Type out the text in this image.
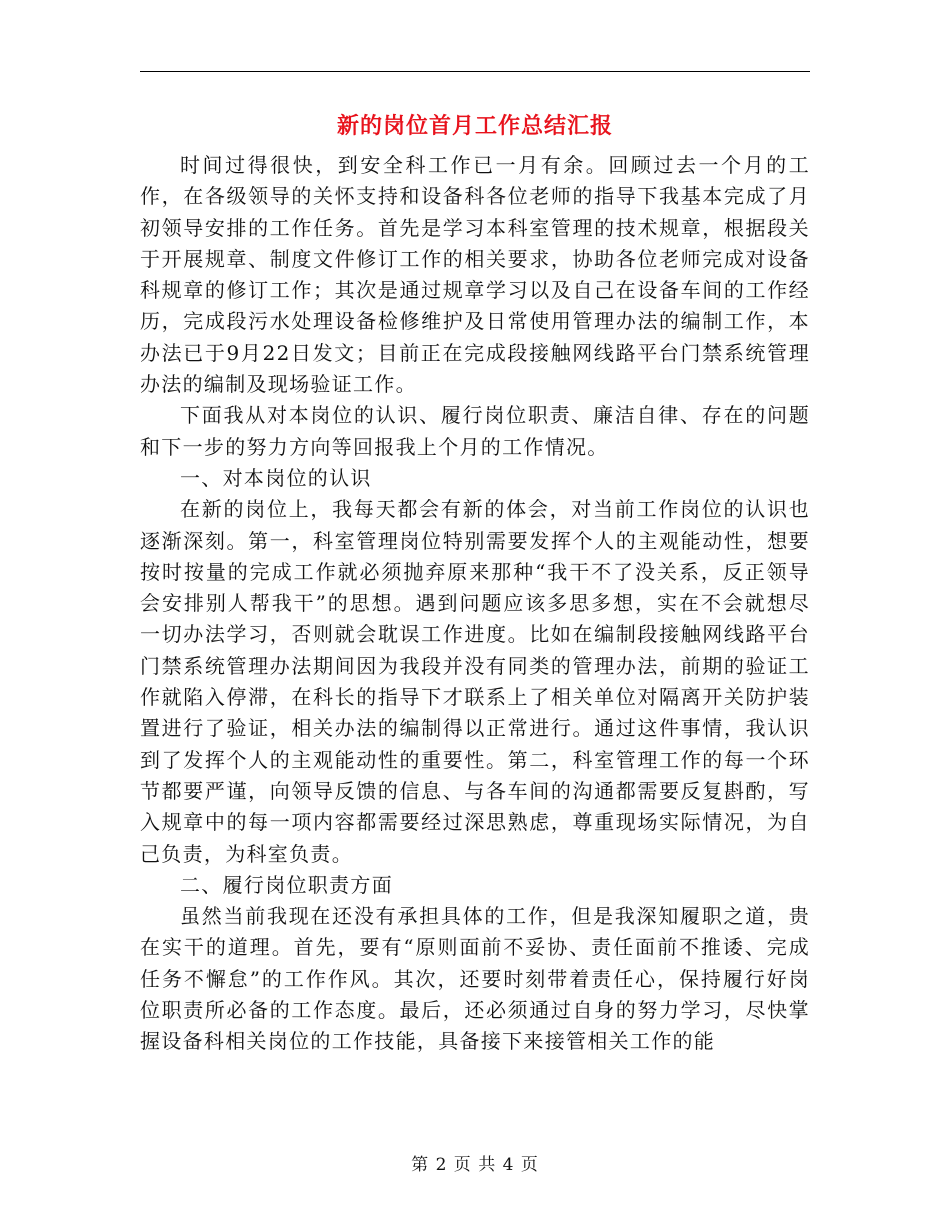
新的岗位首月工作总结汇报

时间过得很快，到安全科工作已一月有余。回顾过去一个月的工作，在各级领导的关怀支持和设备科各位老师的指导下我基本完成了月初领导安排的工作任务。首先是学习本科室管理的技术规章，根据段关于开展规章、制度文件修订工作的相关要求，协助各位老师完成对设备科规章的修订工作；其次是通过规章学习以及自己在设备车间的工作经历，完成段污水处理设备检修维护及日常使用管理办法的编制工作，本办法已于9月22日发文；目前正在完成段接触网线路平台门禁系统管理办法的编制及现场验证工作。

下面我从对本岗位的认识、履行岗位职责、廉洁自律、存在的问题和下一步的努力方向等回报我上个月的工作情况。

一、对本岗位的认识

在新的岗位上，我每天都会有新的体会，对当前工作岗位的认识也逐渐深刻。第一，科室管理岗位特别需要发挥个人的主观能动性，想要按时按量的完成工作就必须抛弃原来那种“我干不了没关系，反正领导会安排别人帮我干”的思想。遇到问题应该多思多想，实在不会就想尽一切办法学习，否则就会耽误工作进度。比如在编制段接触网线路平台门禁系统管理办法期间因为我段并没有同类的管理办法，前期的验证工作就陷入停滞，在科长的指导下才联系上了相关单位对隔离开关防护装置进行了验证，相关办法的编制得以正常进行。通过这件事情，我认识到了发挥个人的主观能动性的重要性。第二，科室管理工作的每一个环节都要严谨，向领导反馈的信息、与各车间的沟通都需要反复斟酌，写入规章中的每一项内容都需要经过深思熟虑，尊重现场实际情况，为自己负责，为科室负责。

二、履行岗位职责方面

虽然当前我现在还没有承担具体的工作，但是我深知履职之道，贵在实干的道理。首先，要有“原则面前不妥协、责任面前不推诿、完成任务不懈怠”的工作作风。其次，还要时刻带着责任心，保持履行好岗位职责所必备的工作态度。最后，还必须通过自身的努力学习，尽快掌握设备科相关岗位的工作技能，具备接下来接管相关工作的能

第 2 页 共 4 页
